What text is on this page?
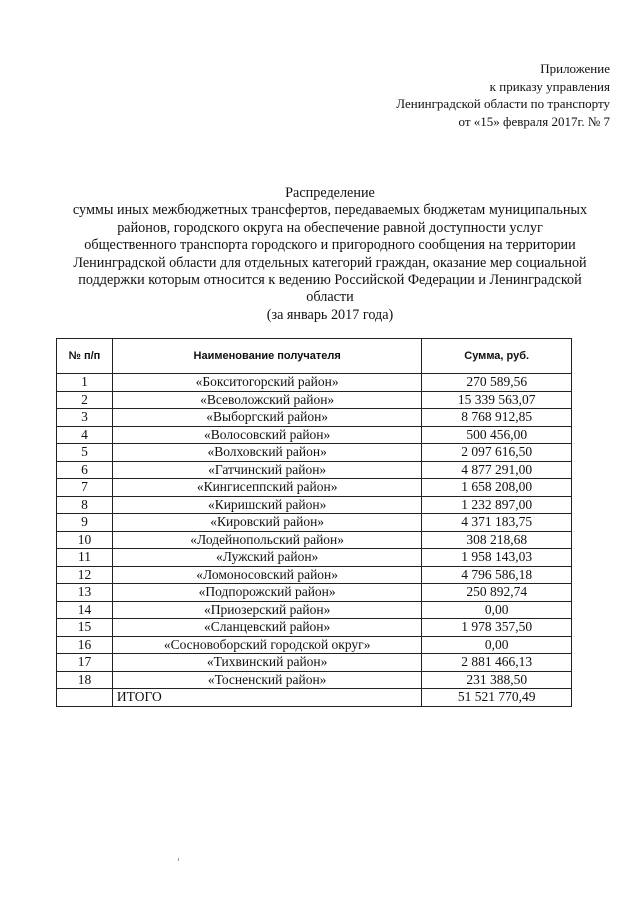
Приложение
к приказу управления
Ленинградской области по транспорту
от «15» февраля 2017г. № 7
Распределение
суммы иных межбюджетных трансфертов, передаваемых бюджетам муниципальных
районов, городского округа на обеспечение равной доступности услуг
общественного транспорта городского и пригородного сообщения на территории
Ленинградской области для отдельных категорий граждан, оказание мер социальной
поддержки которым относится к ведению Российской Федерации и Ленинградской
области
(за январь 2017 года)
№ п/п	Наименование получателя	Сумма, руб.
1	«Бокситогорский район»	270 589,56
2	«Всеволожский район»	15 339 563,07
3	«Выборгский район»	8 768 912,85
4	«Волосовский район»	500 456,00
5	«Волховский район»	2 097 616,50
6	«Гатчинский район»	4 877 291,00
7	«Кингисеппский район»	1 658 208,00
8	«Киришский район»	1 232 897,00
9	«Кировский район»	4 371 183,75
10	«Лодейнопольский район»	308 218,68
11	«Лужский район»	1 958 143,03
12	«Ломоносовский район»	4 796 586,18
13	«Подпорожский район»	250 892,74
14	«Приозерский район»	0,00
15	«Сланцевский район»	1 978 357,50
16	«Сосновоборский городской округ»	0,00
17	«Тихвинский район»	2 881 466,13
18	«Тосненский район»	231 388,50
	ИТОГО	51 521 770,49
